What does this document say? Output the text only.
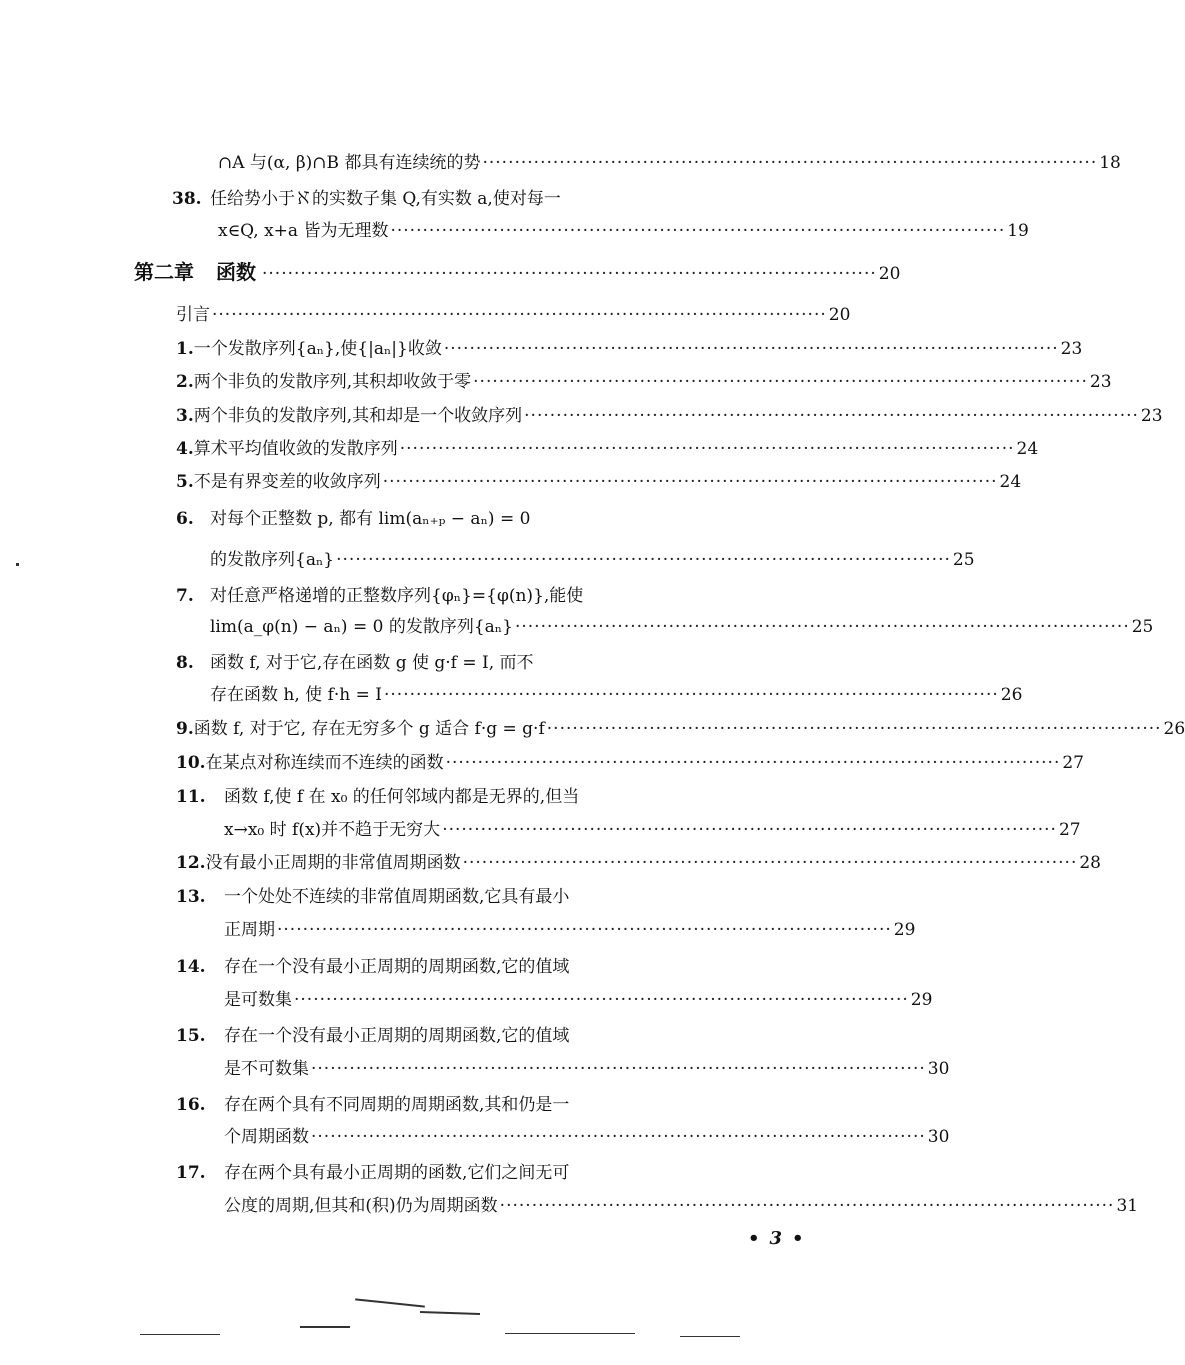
∩A 与(α, β)∩B 都具有连续统的势 ································································································ 18
38. 任给势小于ℵ的实数子集 Q,有实数 a,使对每一
x∈Q, x+a 皆为无理数 ································································································ 19
第二章 函数 ································································································ 20
引言 ································································································ 20
1. 一个发散序列{aₙ},使{|aₙ|}收敛 ································································································ 23
2. 两个非负的发散序列,其积却收敛于零 ································································································ 23
3. 两个非负的发散序列,其和却是一个收敛序列 ································································································ 23
4. 算术平均值收敛的发散序列 ································································································ 24
5. 不是有界变差的收敛序列 ································································································ 24
6. 对每个正整数 p, 都有 lim(aₙ₊ₚ − aₙ) = 0
的发散序列{aₙ} ································································································ 25
7. 对任意严格递增的正整数序列{φₙ}={φ(n)},能使
lim(a_φ(n) − aₙ) = 0 的发散序列{aₙ} ································································································ 25
8. 函数 f, 对于它,存在函数 g 使 g·f = I, 而不
存在函数 h, 使 f·h = I ································································································ 26
9. 函数 f, 对于它, 存在无穷多个 g 适合 f·g = g·f ································································································ 26
10. 在某点对称连续而不连续的函数 ································································································ 27
11.	函数 f,使 f 在 x₀ 的任何邻域内都是无界的,但当
x→x₀ 时 f(x)并不趋于无穷大 ································································································ 27
12. 没有最小正周期的非常值周期函数 ································································································ 28
13.	一个处处不连续的非常值周期函数,它具有最小
正周期 ································································································ 29
14.	存在一个没有最小正周期的周期函数,它的值域
是可数集 ································································································ 29
15.	存在一个没有最小正周期的周期函数,它的值域
是不可数集 ································································································ 30
16.	存在两个具有不同周期的周期函数,其和仍是一
个周期函数 ································································································ 30
17.	存在两个具有最小正周期的函数,它们之间无可
公度的周期,但其和(积)仍为周期函数 ································································································ 31
• 3 •
